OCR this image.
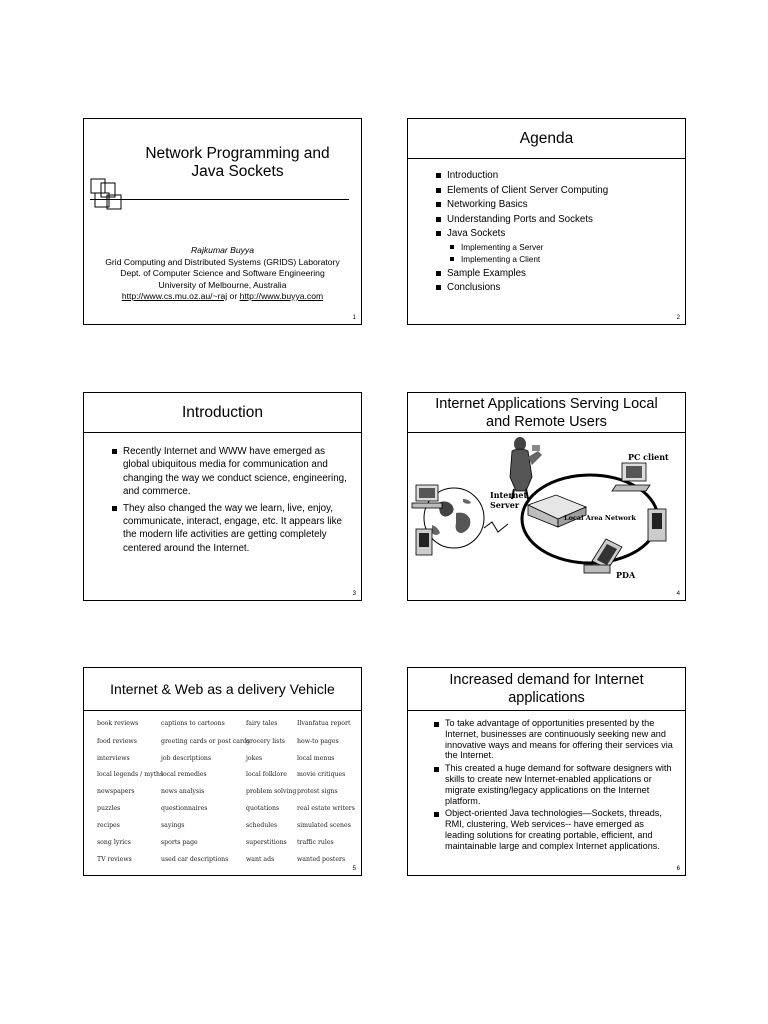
Network Programming and
Java Sockets
Rajkumar Buyya
Grid Computing and Distributed Systems (GRIDS) Laboratory
Dept. of Computer Science and Software Engineering
University of Melbourne, Australia
http://www.cs.mu.oz.au/~raj or http://www.buyya.com
1
Agenda
Introduction
Elements of Client Server Computing
Networking Basics
Understanding Ports and Sockets
Java Sockets
Implementing a Server
Implementing a Client
Sample Examples
Conclusions
2
Introduction
Recently Internet and WWW have emerged as global ubiquitous media for communication and changing the way we conduct science, engineering, and commerce.
They also changed the way we learn, live, enjoy, communicate, interact, engage, etc. It appears like the modern life activities are getting completely centered around the Internet.
3
Internet Applications Serving Local
and Remote Users
PC client
Internet
Server
Local Area Network
PDA
4
Internet & Web as a delivery Vehicle
book reviews
food reviews
interviews
local legends / myths
newspapers
puzzles
recipes
song lyrics
TV reviews
captions to cartoons
greeting cards or post cards
job descriptions
local remedies
news analysis
questionnaires
sayings
sports page
used car descriptions
fairy tales
grocery lists
jokes
local folklore
problem solving
quotations
schedules
superstitions
want ads
Ilvanfatua report
how-to pages
local menus
movie critiques
protest signs
real estate writers
simulated scenes
traffic rules
wanted posters
5
Increased demand for Internet
applications
To take advantage of opportunities presented by the Internet, businesses are continuously seeking new and innovative ways and means for offering their services via the Internet.
This created a huge demand for software designers with skills to create new Internet-enabled applications or migrate existing/legacy applications on the Internet platform.
Object-oriented Java technologies—Sockets, threads, RMI, clustering, Web services-- have emerged as leading solutions for creating portable, efficient, and maintainable large and complex Internet applications.
6
